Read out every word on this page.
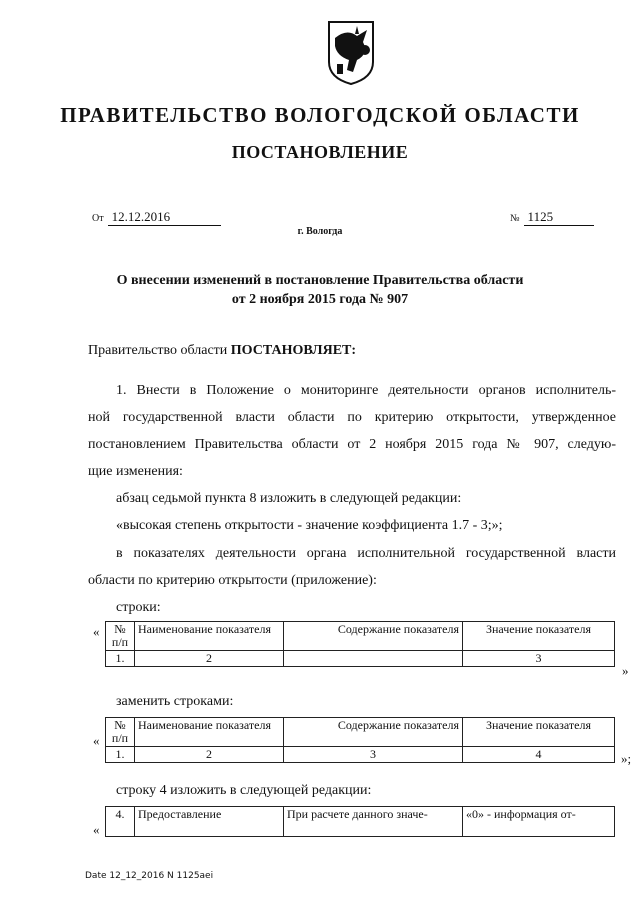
ПРАВИТЕЛЬСТВО ВОЛОГОДСКОЙ ОБЛАСТИ
ПОСТАНОВЛЕНИЕ
От 12.12.2016	№ 1125
г. Вологда
О внесении изменений в постановление Правительства области
от 2 ноября 2015 года № 907
Правительство области ПОСТАНОВЛЯЕТ:
1. Внести в Положение о мониторинге деятельности органов исполнитель-
ной государственной власти области по критерию открытости, утвержденное
постановлением Правительства области от 2 ноября 2015 года № 907, следую-
щие изменения:
абзац седьмой пункта 8 изложить в следующей редакции:
«высокая степень открытости - значение коэффициента 1.7 - 3;»;
в показателях деятельности органа исполнительной государственной власти
области по критерию открытости (приложение):
строки:
« № п/п	Наименование показателя	Содержание показателя	Значение показателя
1.	2		3
»
заменить строками:
«
№ п/п	Наименование показателя	Содержание показателя	Значение показателя
1.	2	3	4	»;
строку 4 изложить в следующей редакции:
«
4.	Предоставление	При расчете данного значе-	«0» - информация от-
Date 12_12_2016 N 1125aei
